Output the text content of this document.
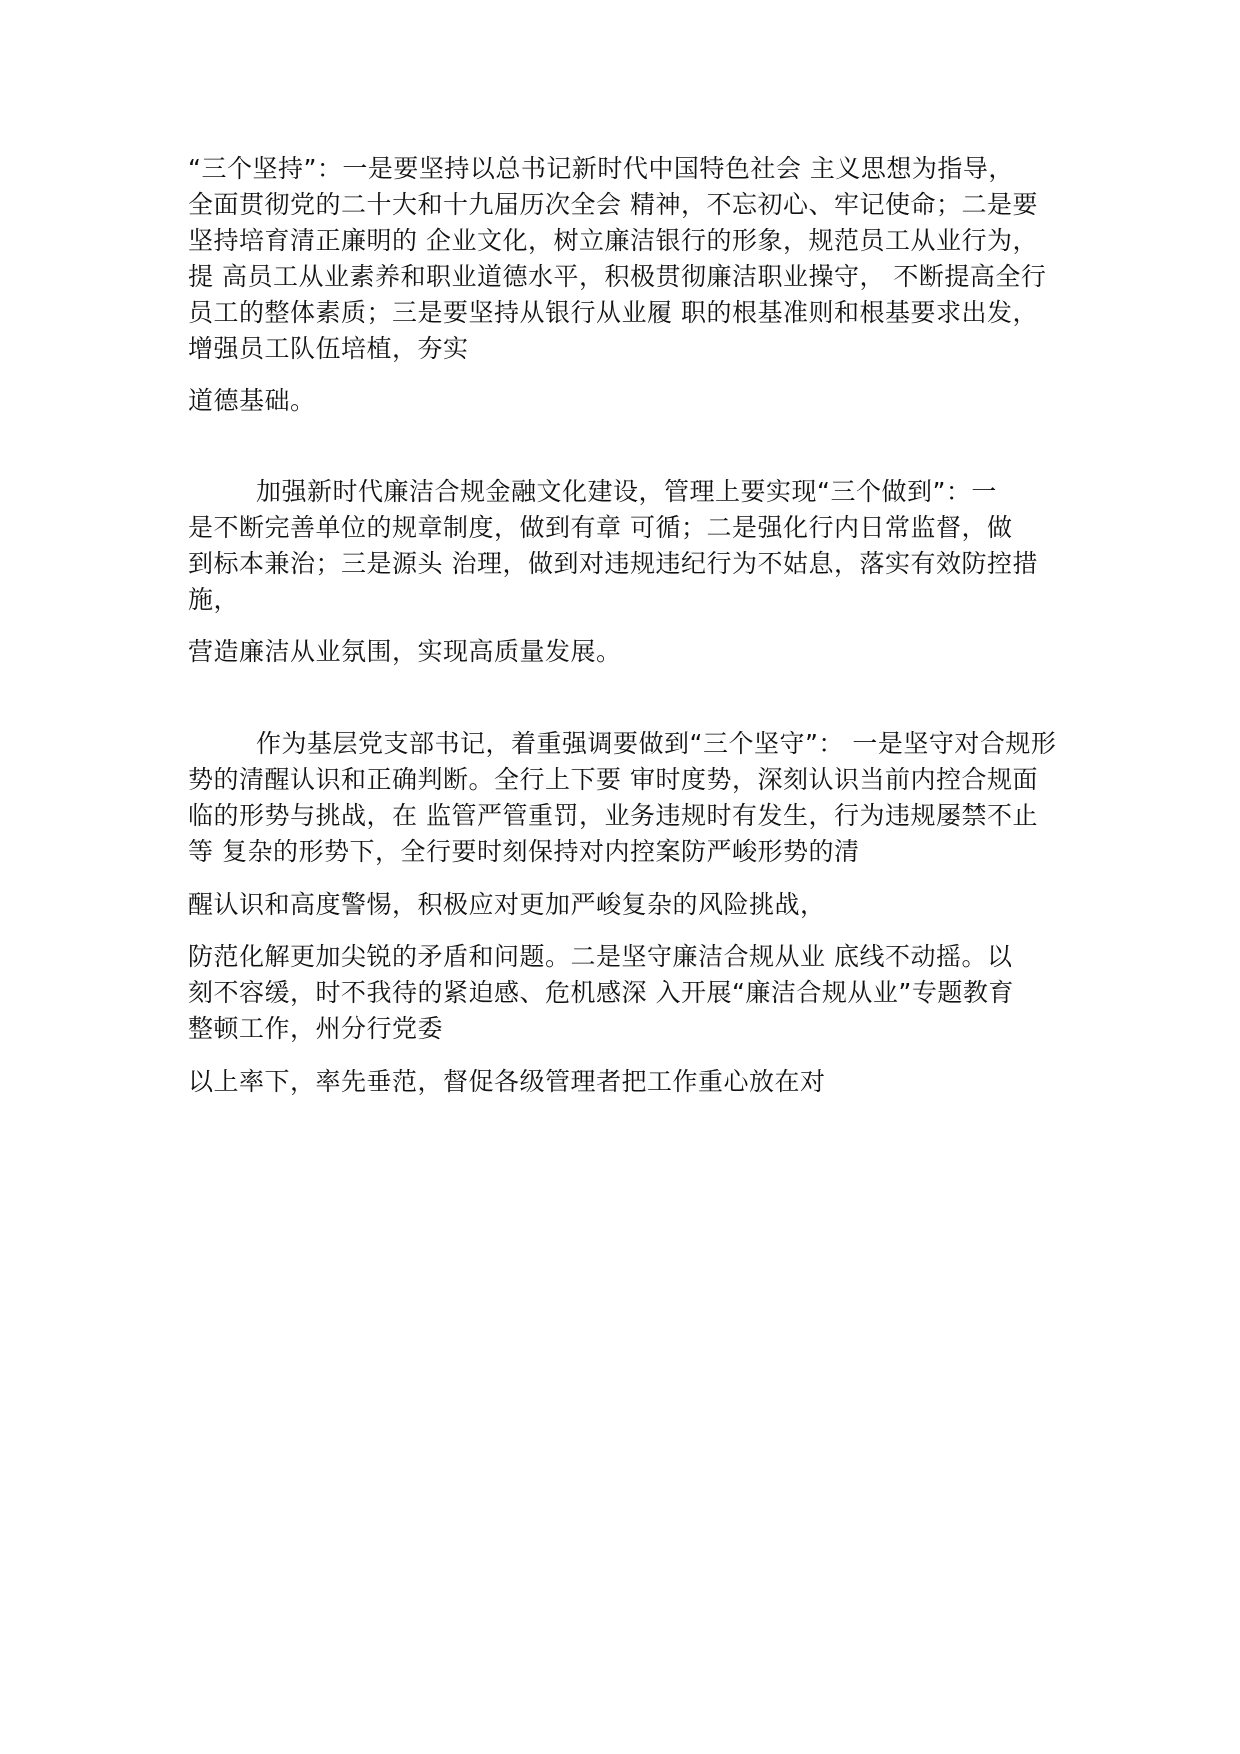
“三个坚持”：一是要坚持以总书记新时代中国特色社会 主义思想为指导，
全面贯彻党的二十大和十九届历次全会 精神，不忘初心、牢记使命；二是要
坚持培育清正廉明的 企业文化，树立廉洁银行的形象，规范员工从业行为，
提 高员工从业素养和职业道德水平，积极贯彻廉洁职业操守， 不断提高全行
员工的整体素质；三是要坚持从银行从业履 职的根基准则和根基要求出发，
增强员工队伍培植，夯实
道德基础。
加强新时代廉洁合规金融文化建设，管理上要实现“三个做到”：一
是不断完善单位的规章制度，做到有章 可循；二是强化行内日常监督，做
到标本兼治；三是源头 治理，做到对违规违纪行为不姑息，落实有效防控措
施，
营造廉洁从业氛围，实现高质量发展。
作为基层党支部书记，着重强调要做到“三个坚守”： 一是坚守对合规形
势的清醒认识和正确判断。全行上下要 审时度势，深刻认识当前内控合规面
临的形势与挑战，在 监管严管重罚，业务违规时有发生，行为违规屡禁不止
等 复杂的形势下，全行要时刻保持对内控案防严峻形势的清
醒认识和高度警惕，积极应对更加严峻复杂的风险挑战，
防范化解更加尖锐的矛盾和问题。二是坚守廉洁合规从业 底线不动摇。以
刻不容缓，时不我待的紧迫感、危机感深 入开展“廉洁合规从业”专题教育
整顿工作，州分行党委
以上率下，率先垂范，督促各级管理者把工作重心放在对
